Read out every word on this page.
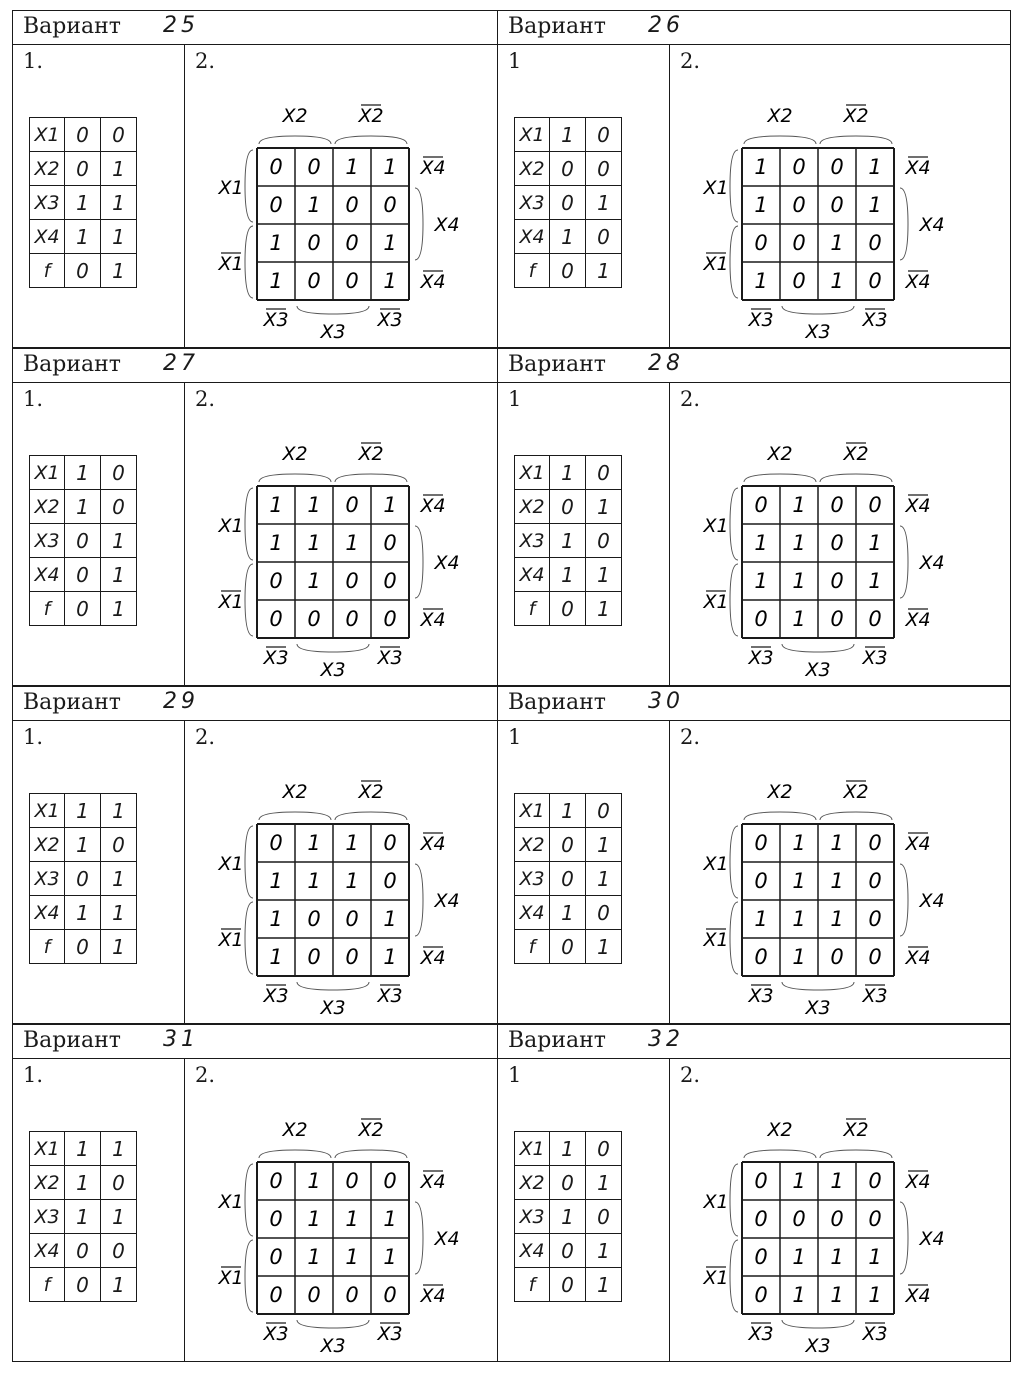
Вариант 25
1.
X1	0	0
X2	0	1
X3	1	1
X4	1	1
f	0	1
2.
0 0 1 1
0 1 0 0
1 0 0 1
1 0 0 1
X2	X2
X1
X1
X4
X4
X4
X3
X3
X3
Вариант 26
1
X1	1	0
X2	0	0
X3	0	1
X4	1	0
f	0	1
2.
1 0 0 1
1 0 0 1
0 0 1 0
1 0 1 0
X2	X2
X1
X1
X4
X4
X4
X3
X3
X3
Вариант 27
1.
X1	1	0
X2	1	0
X3	0	1
X4	0	1
f	0	1
2.
1 1 0 1
1 1 1 0
0 1 0 0
0 0 0 0
X2	X2
X1
X1
X4
X4
X4
X3
X3
X3
Вариант 28
1
X1	1	0
X2	0	1
X3	1	0
X4	1	1
f	0	1
2.
0 1 0 0
1 1 0 1
1 1 0 1
0 1 0 0
X2	X2
X1
X1
X4
X4
X4
X3
X3
X3
Вариант 29
1.
X1	1	1
X2	1	0
X3	0	1
X4	1	1
f	0	1
2.
0 1 1 0
1 1 1 0
1 0 0 1
1 0 0 1
X2	X2
X1
X1
X4
X4
X4
X3
X3
X3
Вариант 30
1
X1	1	0
X2	0	1
X3	0	1
X4	1	0
f	0	1
2.
0 1 1 0
0 1 1 0
1 1 1 0
0 1 0 0
X2	X2
X1
X1
X4
X4
X4
X3
X3
X3
Вариант 31
1.
X1	1	1
X2	1	0
X3	1	1
X4	0	0
f	0	1
2.
0 1 0 0
0 1 1 1
0 1 1 1
0 0 0 0
X2	X2
X1
X1
X4
X4
X4
X3
X3
X3
Вариант 32
1
X1	1	0
X2	0	1
X3	1	0
X4	0	1
f	0	1
2.
0 1 1 0
0 0 0 0
0 1 1 1
0 1 1 1
X2	X2
X1
X1
X4
X4
X4
X3
X3
X3
